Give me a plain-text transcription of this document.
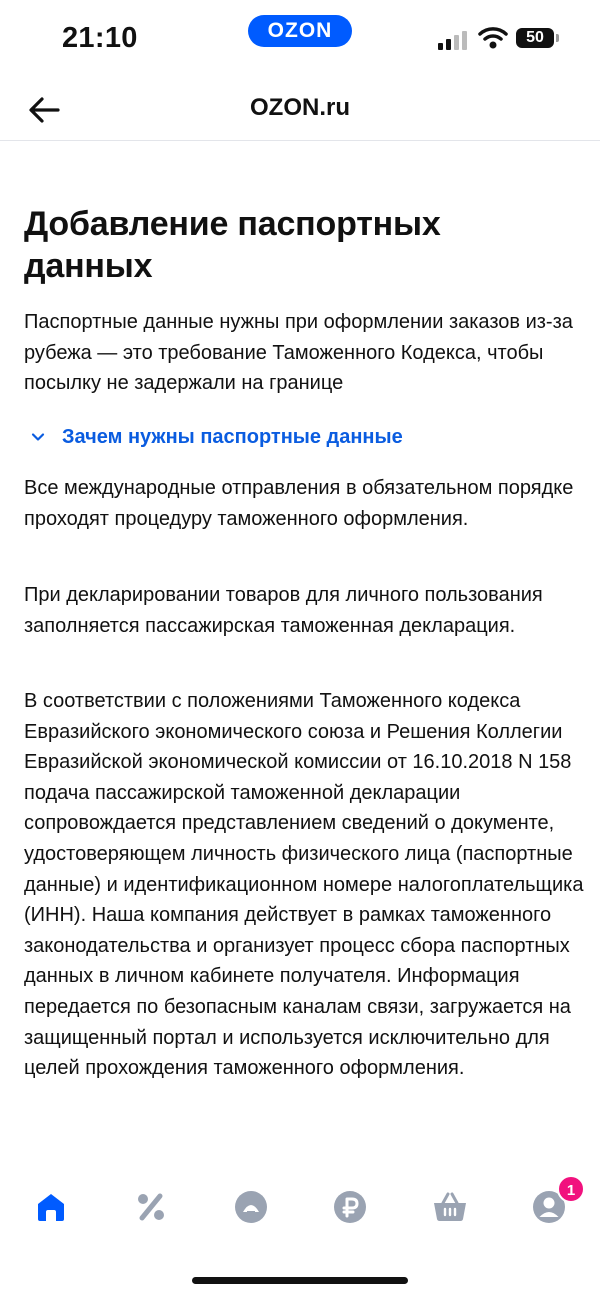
21:10	OZON	50
OZON.ru
Добавление паспортных данных

Паспортные данные нужны при оформлении заказов из-за рубежа — это требование Таможенного Кодекса, чтобы посылку не задержали на границе

Зачем нужны паспортные данные

Все международные отправления в обязательном порядке проходят процедуру таможенного оформления.

При декларировании товаров для личного пользования заполняется пассажирская таможенная декларация.

В соответствии с положениями Таможенного кодекса Евразийского экономического союза и Решения Коллегии Евразийской экономической комиссии от 16.10.2018 N 158 подача пассажирской таможенной декларации сопровождается представлением сведений о документе, удостоверяющем личность физического лица (паспортные данные) и идентификационном номере налогоплательщика (ИНН). Наша компания действует в рамках таможенного законодательства и организует процесс сбора паспортных данных в личном кабинете получателя. Информация передается по безопасным каналам связи, загружается на защищенный портал и используется исключительно для целей прохождения таможенного оформления.

1
